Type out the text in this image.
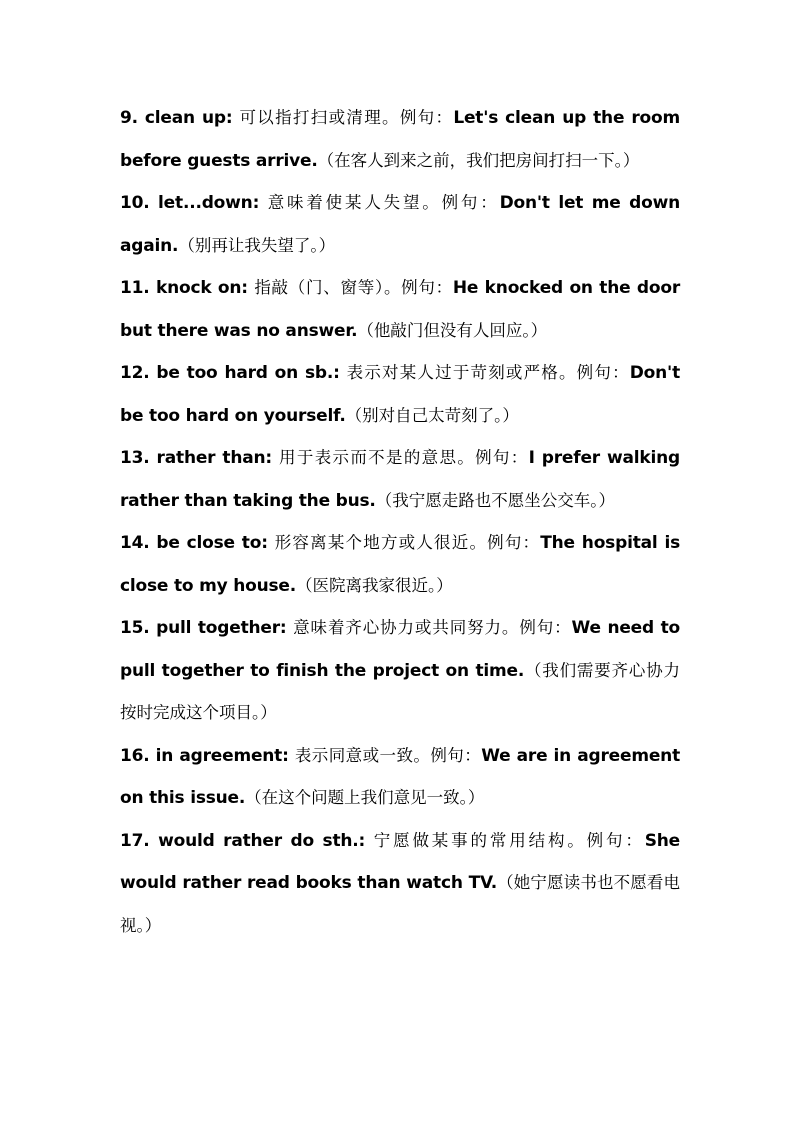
9. clean up: 可以指打扫或清理。例句：Let's clean up the room before guests arrive.（在客人到来之前，我们把房间打扫一下。）

10. let...down: 意味着使某人失望。例句：Don't let me down again.（别再让我失望了。）

11. knock on: 指敲（门、窗等）。例句：He knocked on the door but there was no answer.（他敲门但没有人回应。）

12. be too hard on sb.: 表示对某人过于苛刻或严格。例句：Don't be too hard on yourself.（别对自己太苛刻了。）

13. rather than: 用于表示而不是的意思。例句：I prefer walking rather than taking the bus.（我宁愿走路也不愿坐公交车。）

14. be close to: 形容离某个地方或人很近。例句：The hospital is close to my house.（医院离我家很近。）

15. pull together: 意味着齐心协力或共同努力。例句：We need to pull together to finish the project on time.（我们需要齐心协力按时完成这个项目。）

16. in agreement: 表示同意或一致。例句：We are in agreement on this issue.（在这个问题上我们意见一致。）

17. would rather do sth.: 宁愿做某事的常用结构。例句：She would rather read books than watch TV.（她宁愿读书也不愿看电视。）
